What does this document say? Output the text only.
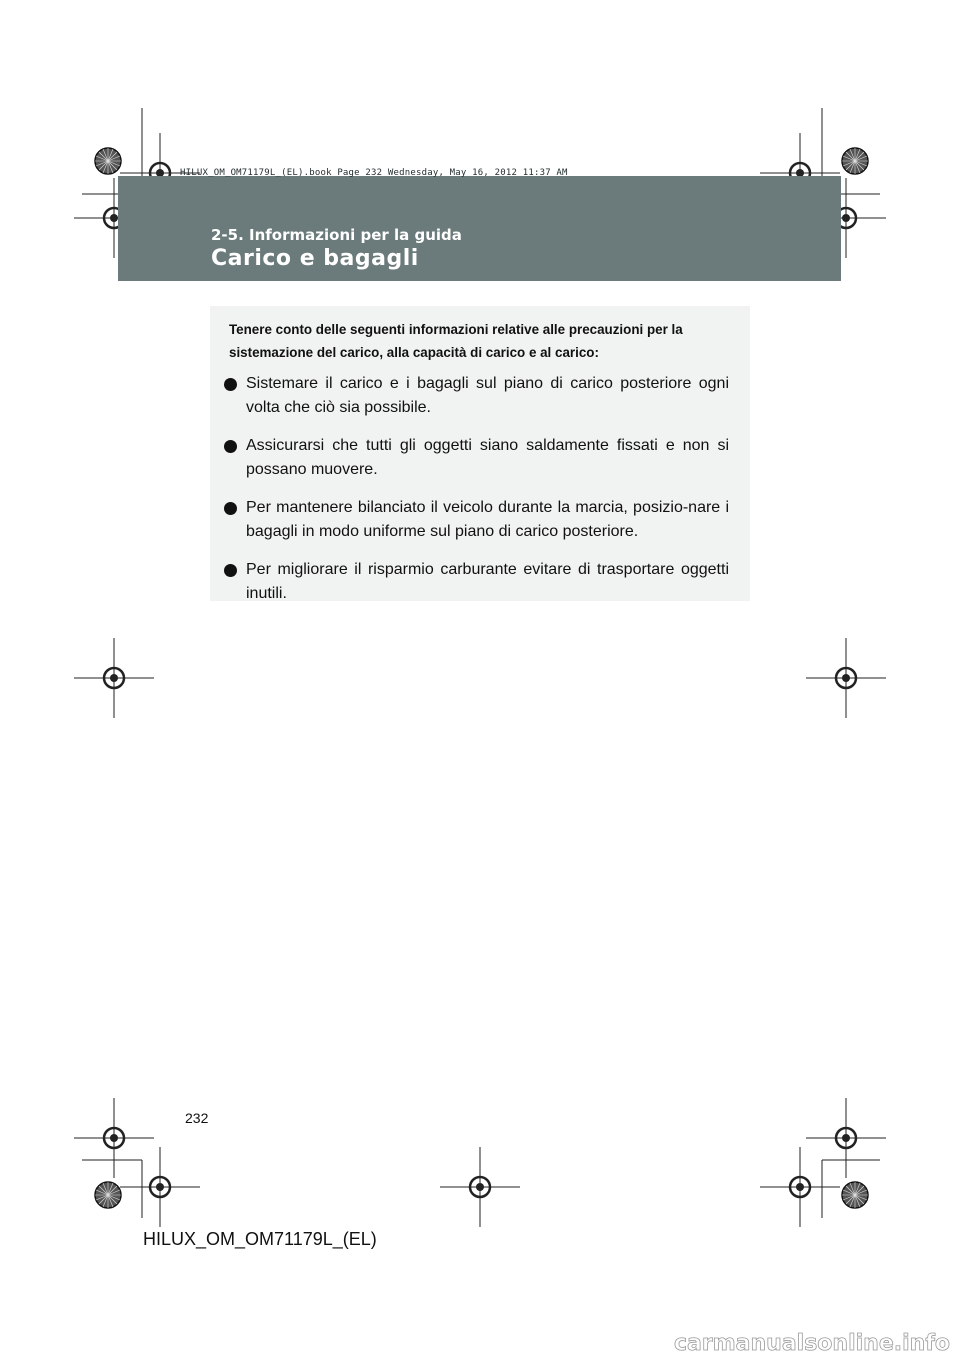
HILUX_OM_OM71179L_(EL).book Page 232 Wednesday, May 16, 2012 11:37 AM
2-5. Informazioni per la guida
Carico e bagagli
Tenere conto delle seguenti informazioni relative alle precauzioni per la sistemazione del carico, alla capacità di carico e al carico:
Sistemare il carico e i bagagli sul piano di carico posteriore ogni volta che ciò sia possibile.
Assicurarsi che tutti gli oggetti siano saldamente fissati e non si possano muovere.
Per mantenere bilanciato il veicolo durante la marcia, posizio-nare i bagagli in modo uniforme sul piano di carico posteriore.
Per migliorare il risparmio carburante evitare di trasportare oggetti inutili.
232
HILUX_OM_OM71179L_(EL)
carmanualsonline.info
